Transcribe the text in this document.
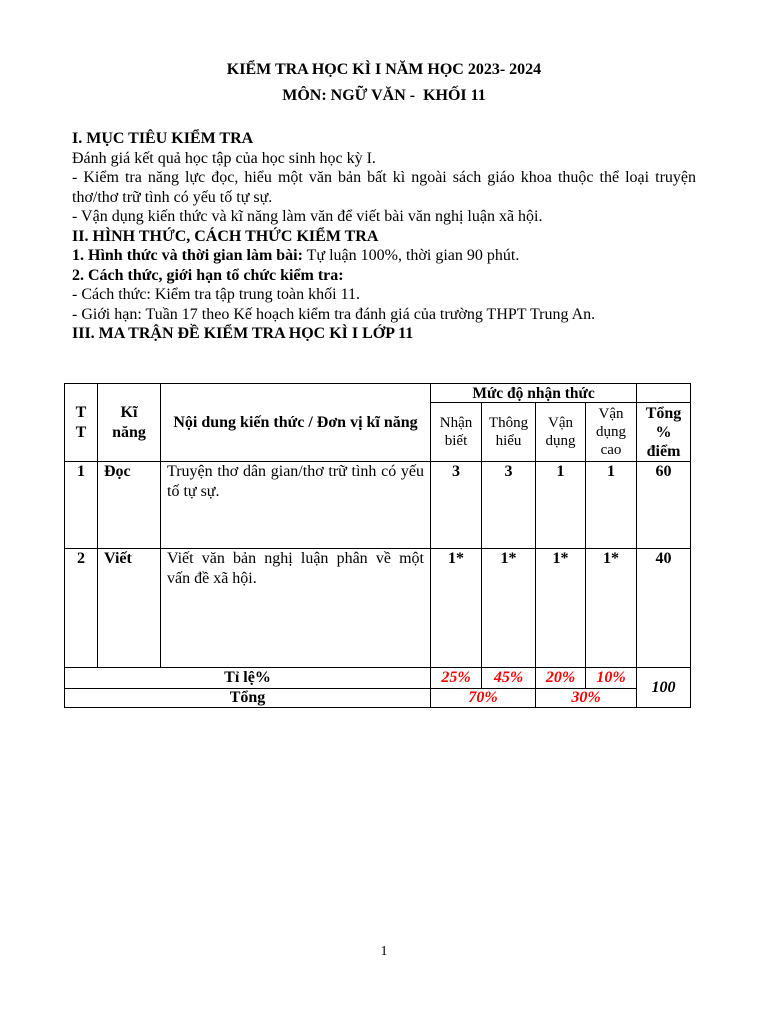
KIỂM TRA HỌC KÌ I NĂM HỌC 2023- 2024
MÔN: NGỮ VĂN -  KHỐI 11
I. MỤC TIÊU KIỂM TRA
Đánh giá kết quả học tập của học sinh học kỳ I.
- Kiểm tra năng lực đọc, hiểu một văn bản bất kì ngoài sách giáo khoa thuộc thể loại truyện
thơ/thơ trữ tình có yếu tố tự sự.
- Vận dụng kiến thức và kĩ năng làm văn để viết bài văn nghị luận xã hội.
II. HÌNH THỨC, CÁCH THỨC KIỂM TRA
1. Hình thức và thời gian làm bài: Tự luận 100%, thời gian 90 phút.
2. Cách thức, giới hạn tổ chức kiểm tra:
- Cách thức: Kiểm tra tập trung toàn khối 11.
- Giới hạn: Tuần 17 theo Kế hoạch kiểm tra đánh giá của trường THPT Trung An.
III. MA TRẬN ĐỀ KIỂM TRA HỌC KÌ I LỚP 11
TT	Kĩ năng	Nội dung kiến thức / Đơn vị kĩ năng	Mức độ nhận thức				
			Nhận biết	Thông hiểu	Vận dụng	Vận dụng cao	Tổng % điểm
1	Đọc	Truyện thơ dân gian/thơ trữ tình có yếu
tố tự sự.	3	3	1	1	60
2	Viết	Viết văn bản nghị luận phân về một
vấn đề xã hội.	1*	1*	1*	1*	40
Tỉ lệ%			25%	45%	20%	10%	100
Tổng			70%		30%		
1
